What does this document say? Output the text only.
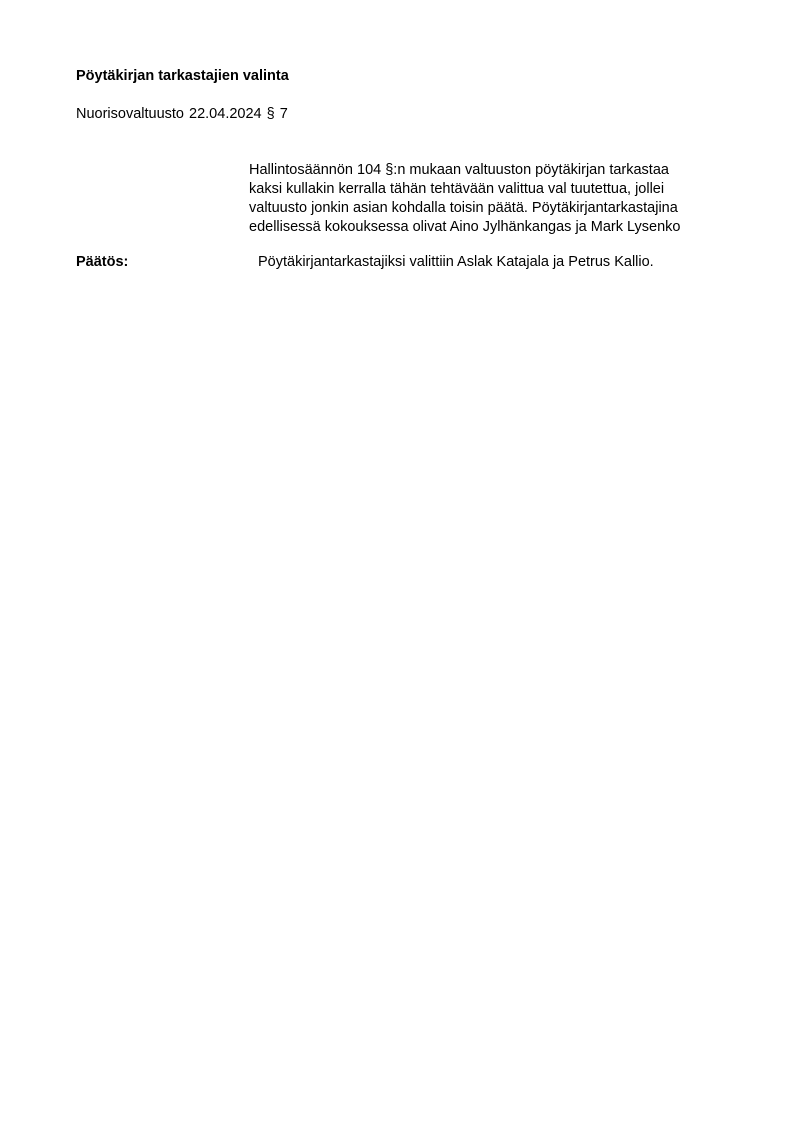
Pöytäkirjan tarkastajien valinta
Nuorisovaltuusto 22.04.2024 § 7
Hallintosäännön 104 §:n mukaan valtuuston pöytäkirjan tarkastaa
kaksi kullakin kerralla tähän tehtävään valittua val tuutettua, jollei
valtuusto jonkin asian kohdalla toisin päätä. Pöytäkirjantarkastajina
edellisessä kokouksessa olivat Aino Jylhänkangas ja Mark Lysenko
Päätös:	Pöytäkirjantarkastajiksi valittiin Aslak Katajala ja Petrus Kallio.
